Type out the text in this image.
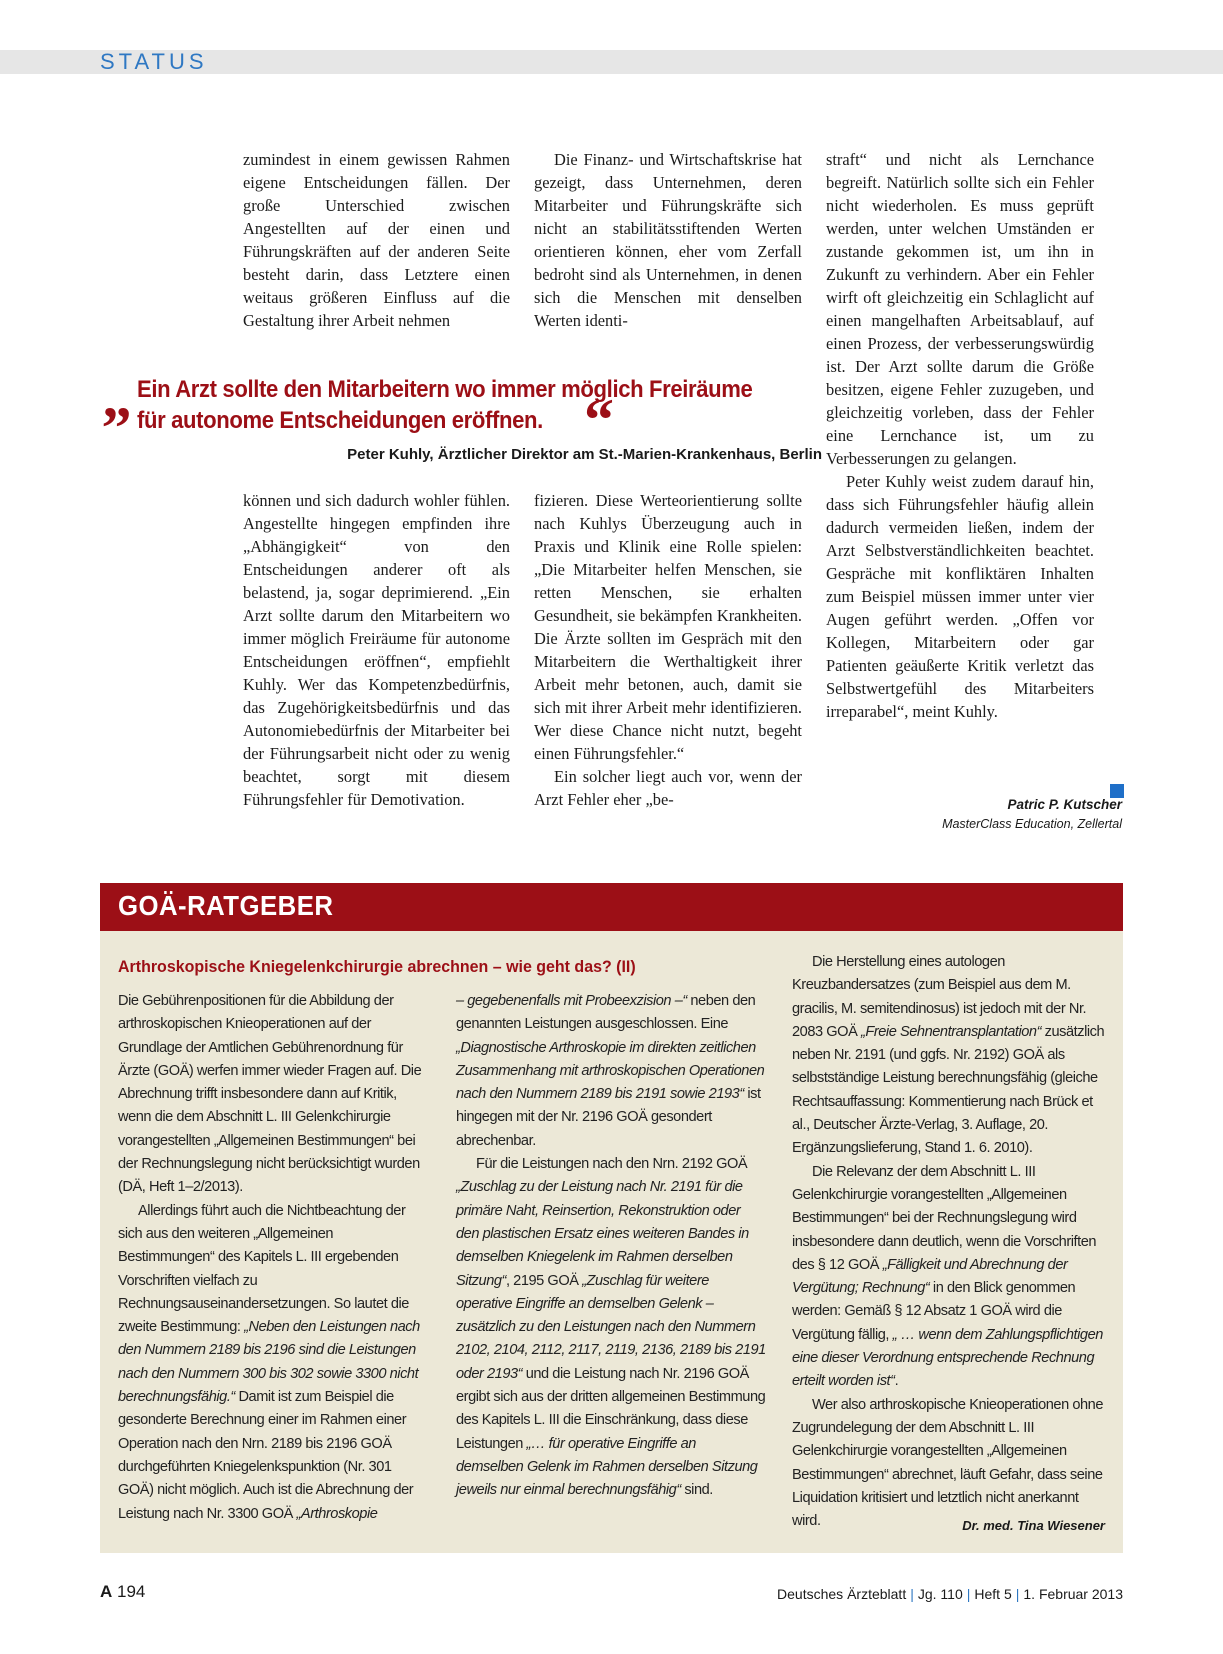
STATUS

zumindest in einem gewissen Rahmen eigene Entscheidungen fällen. Der große Unterschied zwischen Angestellten auf der einen und Führungskräften auf der anderen Seite besteht darin, dass Letztere einen weitaus größeren Einfluss auf die Gestaltung ihrer Arbeit nehmen

können und sich dadurch wohler fühlen. Angestellte hingegen empfinden ihre „Abhängigkeit“ von den Entscheidungen anderer oft als belastend, ja, sogar deprimierend. „Ein Arzt sollte darum den Mitarbeitern wo immer möglich Freiräume für autonome Entscheidungen eröffnen“, empfiehlt Kuhly. Wer das Kompetenzbedürfnis, das Zugehörigkeitsbedürfnis und das Autonomiebedürfnis der Mitarbeiter bei der Führungsarbeit nicht oder zu wenig beachtet, sorgt mit diesem Führungsfehler für Demotivation.

Die Finanz- und Wirtschaftskrise hat gezeigt, dass Unternehmen, deren Mitarbeiter und Führungskräfte sich nicht an stabilitätsstiftenden Werten orientieren können, eher vom Zerfall bedroht sind als Unternehmen, in denen sich die Menschen mit denselben Werten identi-

fizieren. Diese Werteorientierung sollte nach Kuhlys Überzeugung auch in Praxis und Klinik eine Rolle spielen: „Die Mitarbeiter helfen Menschen, sie retten Menschen, sie erhalten Gesundheit, sie bekämpfen Krankheiten. Die Ärzte sollten im Gespräch mit den Mitarbeitern die Werthaltigkeit ihrer Arbeit mehr betonen, auch, damit sie sich mit ihrer Arbeit mehr identifizieren. Wer diese Chance nicht nutzt, begeht einen Führungsfehler.“

Ein solcher liegt auch vor, wenn der Arzt Fehler eher „be-

straft“ und nicht als Lernchance begreift. Natürlich sollte sich ein Fehler nicht wiederholen. Es muss geprüft werden, unter welchen Umständen er zustande gekommen ist, um ihn in Zukunft zu verhindern. Aber ein Fehler wirft oft gleichzeitig ein Schlaglicht auf einen mangelhaften Arbeitsablauf, auf einen Prozess, der verbesserungswürdig ist. Der Arzt sollte darum die Größe besitzen, eigene Fehler zuzugeben, und gleichzeitig vorleben, dass der Fehler eine Lernchance ist, um zu Verbesserungen zu gelangen.

Peter Kuhly weist zudem darauf hin, dass sich Führungsfehler häufig allein dadurch vermeiden ließen, indem der Arzt Selbstverständlichkeiten beachtet. Gespräche mit konfliktären Inhalten zum Beispiel müssen immer unter vier Augen geführt werden. „Offen vor Kollegen, Mitarbeitern oder gar Patienten geäußerte Kritik verletzt das Selbstwertgefühl des Mitarbeiters irreparabel“, meint Kuhly.

Patric P. Kutscher
MasterClass Education, Zellertal
„ Ein Arzt sollte den Mitarbeitern wo immer möglich Freiräume für autonome Entscheidungen eröffnen. “
Peter Kuhly, Ärztlicher Direktor am St.-Marien-Krankenhaus, Berlin
GOÄ-RATGEBER
Arthroskopische Kniegelenkchirurgie abrechnen – wie geht das? (II)

Die Gebührenpositionen für die Abbildung der arthroskopischen Knieoperationen auf der Grundlage der Amtlichen Gebührenordnung für Ärzte (GOÄ) werfen immer wieder Fragen auf. Die Abrechnung trifft insbesondere dann auf Kritik, wenn die dem Abschnitt L. III Gelenkchirurgie vorangestellten „Allgemeinen Bestimmungen“ bei der Rechnungslegung nicht berücksichtigt wurden (DÄ, Heft 1–2/2013).

Allerdings führt auch die Nichtbeachtung der sich aus den weiteren „Allgemeinen Bestimmungen“ des Kapitels L. III ergebenden Vorschriften vielfach zu Rechnungsauseinandersetzungen. So lautet die zweite Bestimmung: „Neben den Leistungen nach den Nummern 2189 bis 2196 sind die Leistungen nach den Nummern 300 bis 302 sowie 3300 nicht berechnungsfähig.“ Damit ist zum Beispiel die gesonderte Berechnung einer im Rahmen einer Operation nach den Nrn. 2189 bis 2196 GOÄ durchgeführten Kniegelenkspunktion (Nr. 301 GOÄ) nicht möglich. Auch ist die Abrechnung der Leistung nach Nr. 3300 GOÄ „Arthroskopie

– gegebenenfalls mit Probeexzision –“ neben den genannten Leistungen ausgeschlossen. Eine „Diagnostische Arthroskopie im direkten zeitlichen Zusammenhang mit arthroskopischen Operationen nach den Nummern 2189 bis 2191 sowie 2193“ ist hingegen mit der Nr. 2196 GOÄ gesondert abrechenbar.

Für die Leistungen nach den Nrn. 2192 GOÄ „Zuschlag zu der Leistung nach Nr. 2191 für die primäre Naht, Reinsertion, Rekonstruktion oder den plastischen Ersatz eines weiteren Bandes in demselben Kniegelenk im Rahmen derselben Sitzung“, 2195 GOÄ „Zuschlag für weitere operative Eingriffe an demselben Gelenk – zusätzlich zu den Leistungen nach den Nummern 2102, 2104, 2112, 2117, 2119, 2136, 2189 bis 2191 oder 2193“ und die Leistung nach Nr. 2196 GOÄ ergibt sich aus der dritten allgemeinen Bestimmung des Kapitels L. III die Einschränkung, dass diese Leistungen „… für operative Eingriffe an demselben Gelenk im Rahmen derselben Sitzung jeweils nur einmal berechnungsfähig“ sind.

Die Herstellung eines autologen Kreuzbandersatzes (zum Beispiel aus dem M. gracilis, M. semitendinosus) ist jedoch mit der Nr. 2083 GOÄ „Freie Sehnentransplantation“ zusätzlich neben Nr. 2191 (und ggfs. Nr. 2192) GOÄ als selbstständige Leistung berechnungsfähig (gleiche Rechtsauffassung: Kommentierung nach Brück et al., Deutscher Ärzte-Verlag, 3. Auflage, 20. Ergänzungslieferung, Stand 1. 6. 2010).

Die Relevanz der dem Abschnitt L. III Gelenkchirurgie vorangestellten „Allgemeinen Bestimmungen“ bei der Rechnungslegung wird insbesondere dann deutlich, wenn die Vorschriften des § 12 GOÄ „Fälligkeit und Abrechnung der Vergütung; Rechnung“ in den Blick genommen werden: Gemäß § 12 Absatz 1 GOÄ wird die Vergütung fällig, „ … wenn dem Zahlungspflichtigen eine dieser Verordnung entsprechende Rechnung erteilt worden ist“.

Wer also arthroskopische Knieoperationen ohne Zugrundelegung der dem Abschnitt L. III Gelenkchirurgie vorangestellten „Allgemeinen Bestimmungen“ abrechnet, läuft Gefahr, dass seine Liquidation kritisiert und letztlich nicht anerkannt wird.	Dr. med. Tina Wiesener
A 194	Deutsches Ärzteblatt | Jg. 110 | Heft 5 | 1. Februar 2013
